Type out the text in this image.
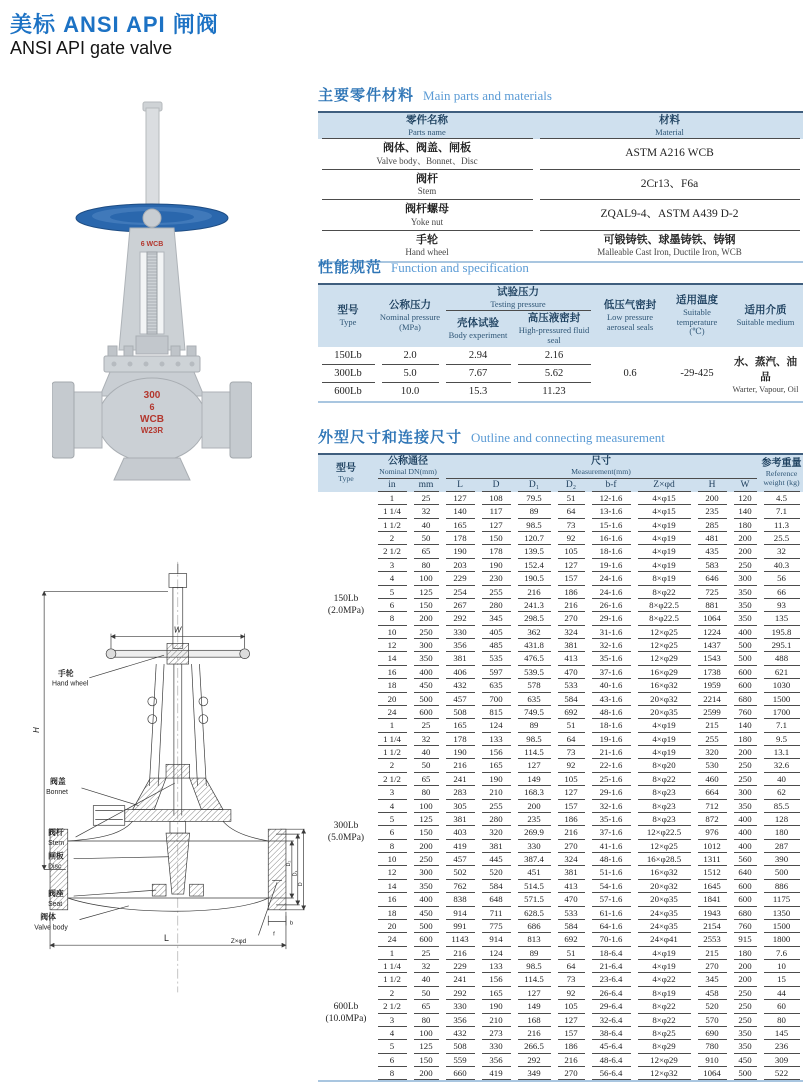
美标 ANSI API 闸阀
ANSI API gate valve
6 WCB
300
6
WCB
W23R
W
H
L
D₂
D₁
D
Z×φd
b
f
手轮
Hand wheel
阀盖
Bonnet
阀杆
Stem
闸板
Disc
阀座
Seat
阀体
Valve body
主要零件材料 Main parts and materials
零件名称
Parts name

材料
Material

阀体、阀盖、闸板
Valve body、Bonnet、Disc	ASTM A216 WCB

阀杆
Stem	2Cr13、F6a

阀杆螺母
Yoke nut	ZQAL9-4、ASTM A439 D-2

手轮
Hand wheel

可锻铸铁、球墨铸铁、铸钢
Malleable Cast Iron, Ductile Iron, WCB
性能规范 Function and specification
型号
Type

公称压力
Nominal pressure
(MPa)

试验压力
Testing pressure	低压气密封
Low pressure aeroseal seals

适用温度
Suitable temperature
(℃)

适用介质
Suitable medium

壳体试验
Body experiment

高压液密封
High-pressured fluid seal

150Lb	2.0	2.94	2.16	0.6	-29-425	水、蒸汽、油品
Warter, Vapour, Oil

300Lb	5.0	7.67	5.62			
600Lb	10.0	15.3	11.23			
外型尺寸和连接尺寸 Outline and connecting measurement
型号
Type

公称通径
Nominal DN(mm)

尺寸
Measurement(mm)

参考重量
Reference weight (kg)

	in	mm	L	D	D₁	D₂	b-f	Z×φd	H	W	

150Lb
(2.0MPa)	1	25	127	108	79.5	51	12-1.6	4×φ15	200	120	4.5
	1 1/4	32	140	117	89	64	13-1.6	4×φ15	235	140	7.1
	1 1/2	40	165	127	98.5	73	15-1.6	4×φ19	285	180	11.3
	2	50	178	150	120.7	92	16-1.6	4×φ19	481	200	25.5
	2 1/2	65	190	178	139.5	105	18-1.6	4×φ19	435	200	32
	3	80	203	190	152.4	127	19-1.6	4×φ19	583	250	40.3
	4	100	229	230	190.5	157	24-1.6	8×φ19	646	300	56
	5	125	254	255	216	186	24-1.6	8×φ22	725	350	66
	6	150	267	280	241.3	216	26-1.6	8×φ22.5	881	350	93
	8	200	292	345	298.5	270	29-1.6	8×φ22.5	1064	350	135
	10	250	330	405	362	324	31-1.6	12×φ25	1224	400	195.8
	12	300	356	485	431.8	381	32-1.6	12×φ25	1437	500	295.1
	14	350	381	535	476.5	413	35-1.6	12×φ29	1543	500	488
	16	400	406	597	539.5	470	37-1.6	16×φ29	1738	600	621
	18	450	432	635	578	533	40-1.6	16×φ32	1959	600	1030
	20	500	457	700	635	584	43-1.6	20×φ32	2214	680	1500
	24	600	508	815	749.5	692	48-1.6	20×φ35	2599	760	1700

300Lb
(5.0MPa)	1	25	165	124	89	51	18-1.6	4×φ19	215	140	7.1
	1 1/4	32	178	133	98.5	64	19-1.6	4×φ19	255	180	9.5
	1 1/2	40	190	156	114.5	73	21-1.6	4×φ19	320	200	13.1
	2	50	216	165	127	92	22-1.6	8×φ20	530	250	32.6
	2 1/2	65	241	190	149	105	25-1.6	8×φ22	460	250	40
	3	80	283	210	168.3	127	29-1.6	8×φ23	664	300	62
	4	100	305	255	200	157	32-1.6	8×φ23	712	350	85.5
	5	125	381	280	235	186	35-1.6	8×φ23	872	400	128
	6	150	403	320	269.9	216	37-1.6	12×φ22.5	976	400	180
	8	200	419	381	330	270	41-1.6	12×φ25	1012	400	287
	10	250	457	445	387.4	324	48-1.6	16×φ28.5	1311	560	390
	12	300	502	520	451	381	51-1.6	16×φ32	1512	640	500
	14	350	762	584	514.5	413	54-1.6	20×φ32	1645	600	886
	16	400	838	648	571.5	470	57-1.6	20×φ35	1841	600	1175
	18	450	914	711	628.5	533	61-1.6	24×φ35	1943	680	1350
	20	500	991	775	686	584	64-1.6	24×φ35	2154	760	1500
	24	600	1143	914	813	692	70-1.6	24×φ41	2553	915	1800

600Lb
(10.0MPa)	1	25	216	124	89	51	18-6.4	4×φ19	215	180	7.6
	1 1/4	32	229	133	98.5	64	21-6.4	4×φ19	270	200	10
	1 1/2	40	241	156	114.5	73	23-6.4	4×φ22	345	200	15
	2	50	292	165	127	92	26-6.4	8×φ19	458	250	44
	2 1/2	65	330	190	149	105	29-6.4	8×φ22	520	250	60
	3	80	356	210	168	127	32-6.4	8×φ22	570	250	80
	4	100	432	273	216	157	38-6.4	8×φ25	690	350	145
	5	125	508	330	266.5	186	45-6.4	8×φ29	780	350	236
	6	150	559	356	292	216	48-6.4	12×φ29	910	450	309
	8	200	660	419	349	270	56-6.4	12×φ32	1064	500	522
